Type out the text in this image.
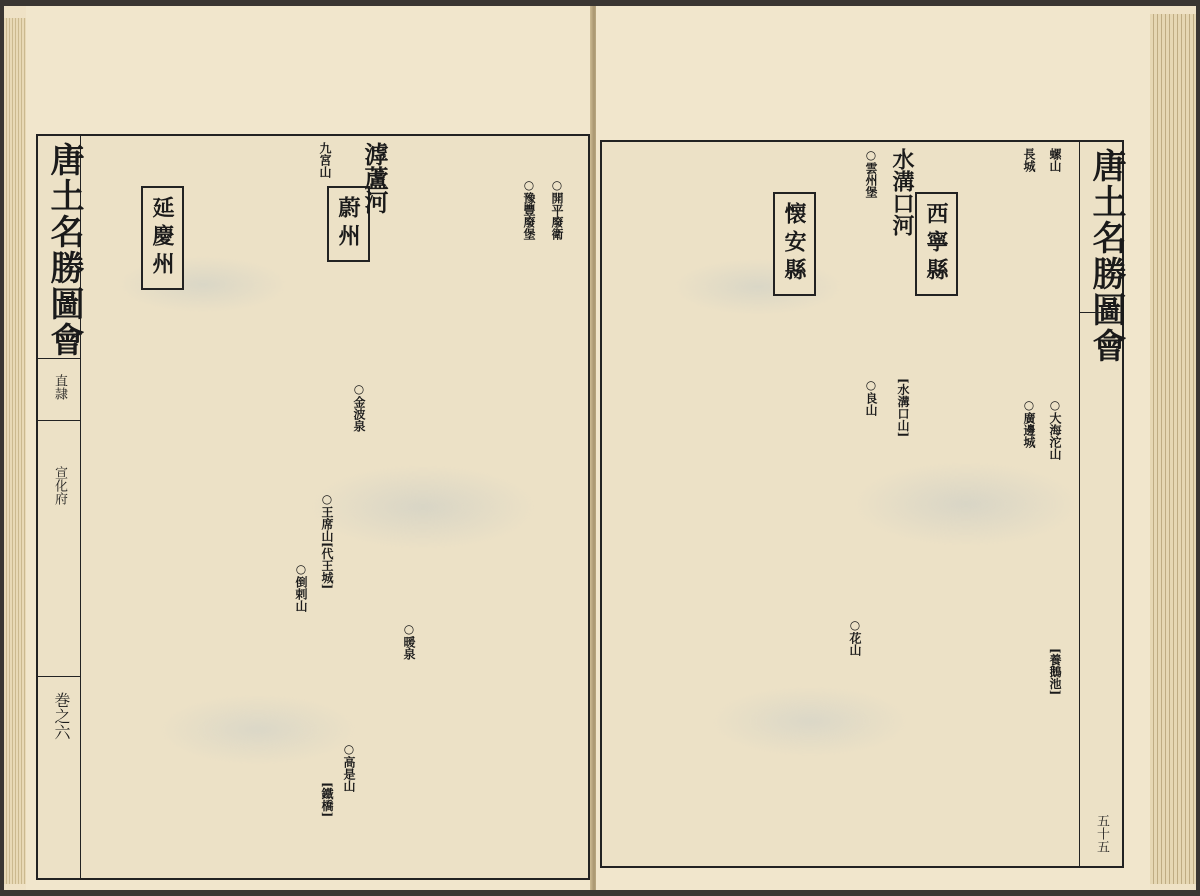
唐土名勝圖會
直隷
宣化府
巻之六
蔚州
延慶州	○開平廢衛
○豫豐廢堡
滹蘆河
九宮山
○倒剌山
○金波泉
○王席山
[代王城]
○暖泉
○高是山
[鐵橋]
唐土名勝圖會
五十五
西寧縣
懐安縣
螺山
長城
○大海沱山
○廣邊城
水溝口河
[水溝口山]
○雲州堡
○良山
○花山
[養鵝池]
